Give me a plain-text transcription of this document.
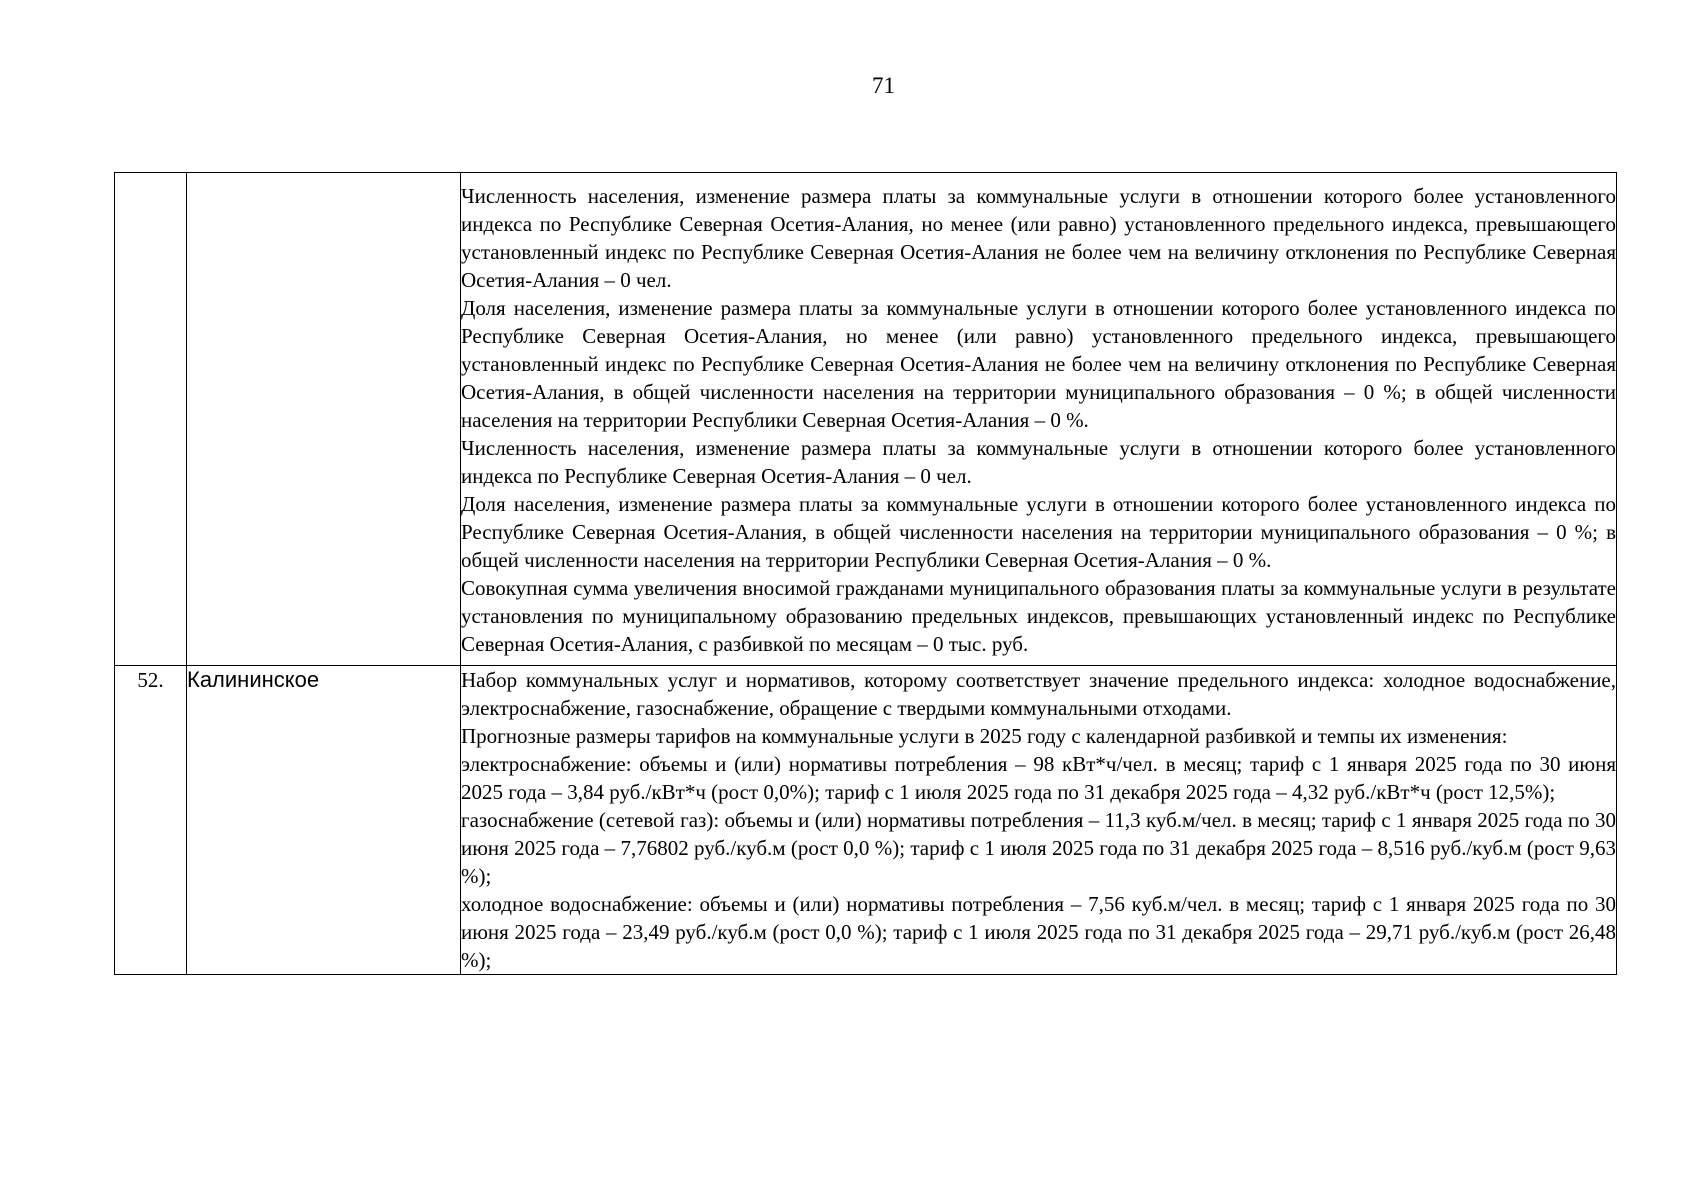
71

		Численность населения, изменение размера платы за коммунальные услуги в отношении которого более установленного индекса по Республике Северная Осетия-Алания, но менее (или равно) установленного предельного индекса, превышающего установленный индекс по Республике Северная Осетия-Алания не более чем на величину отклонения по Республике Северная Осетия-Алания – 0 чел.

Доля населения, изменение размера платы за коммунальные услуги в отношении которого более установленного индекса по Республике Северная Осетия-Алания, но менее (или равно) установленного предельного индекса, превышающего установленный индекс по Республике Северная Осетия-Алания не более чем на величину отклонения по Республике Северная Осетия-Алания, в общей численности населения на территории муниципального образования – 0 %; в общей численности населения на территории Республики Северная Осетия-Алания – 0 %.

Численность населения, изменение размера платы за коммунальные услуги в отношении которого более установленного индекса по Республике Северная Осетия-Алания – 0 чел.

Доля населения, изменение размера платы за коммунальные услуги в отношении которого более установленного индекса по Республике Северная Осетия-Алания, в общей численности населения на территории муниципального образования – 0 %; в общей численности населения на территории Республики Северная Осетия-Алания – 0 %.

Совокупная сумма увеличения вносимой гражданами муниципального образования платы за коммунальные услуги в результате установления по муниципальному образованию предельных индексов, превышающих установленный индекс по Республике Северная Осетия-Алания, с разбивкой по месяцам – 0 тыс. руб.

52.	Калининское	Набор коммунальных услуг и нормативов, которому соответствует значение предельного индекса: холодное водоснабжение, электроснабжение, газоснабжение, обращение с твердыми коммунальными отходами.

Прогнозные размеры тарифов на коммунальные услуги в 2025 году с календарной разбивкой и темпы их изменения:

электроснабжение: объемы и (или) нормативы потребления – 98 кВт*ч/чел. в месяц; тариф с 1 января 2025 года по 30 июня 2025 года – 3,84 руб./кВт*ч (рост 0,0%); тариф с 1 июля 2025 года по 31 декабря 2025 года – 4,32 руб./кВт*ч (рост 12,5%);

газоснабжение (сетевой газ): объемы и (или) нормативы потребления – 11,3 куб.м/чел. в месяц; тариф с 1 января 2025 года по 30 июня 2025 года – 7,76802 руб./куб.м (рост 0,0 %); тариф с 1 июля 2025 года по 31 декабря 2025 года – 8,516 руб./куб.м (рост 9,63 %);

холодное водоснабжение: объемы и (или) нормативы потребления – 7,56 куб.м/чел. в месяц; тариф с 1 января 2025 года по 30 июня 2025 года – 23,49 руб./куб.м (рост 0,0 %); тариф с 1 июля 2025 года по 31 декабря 2025 года – 29,71 руб./куб.м (рост 26,48 %);
